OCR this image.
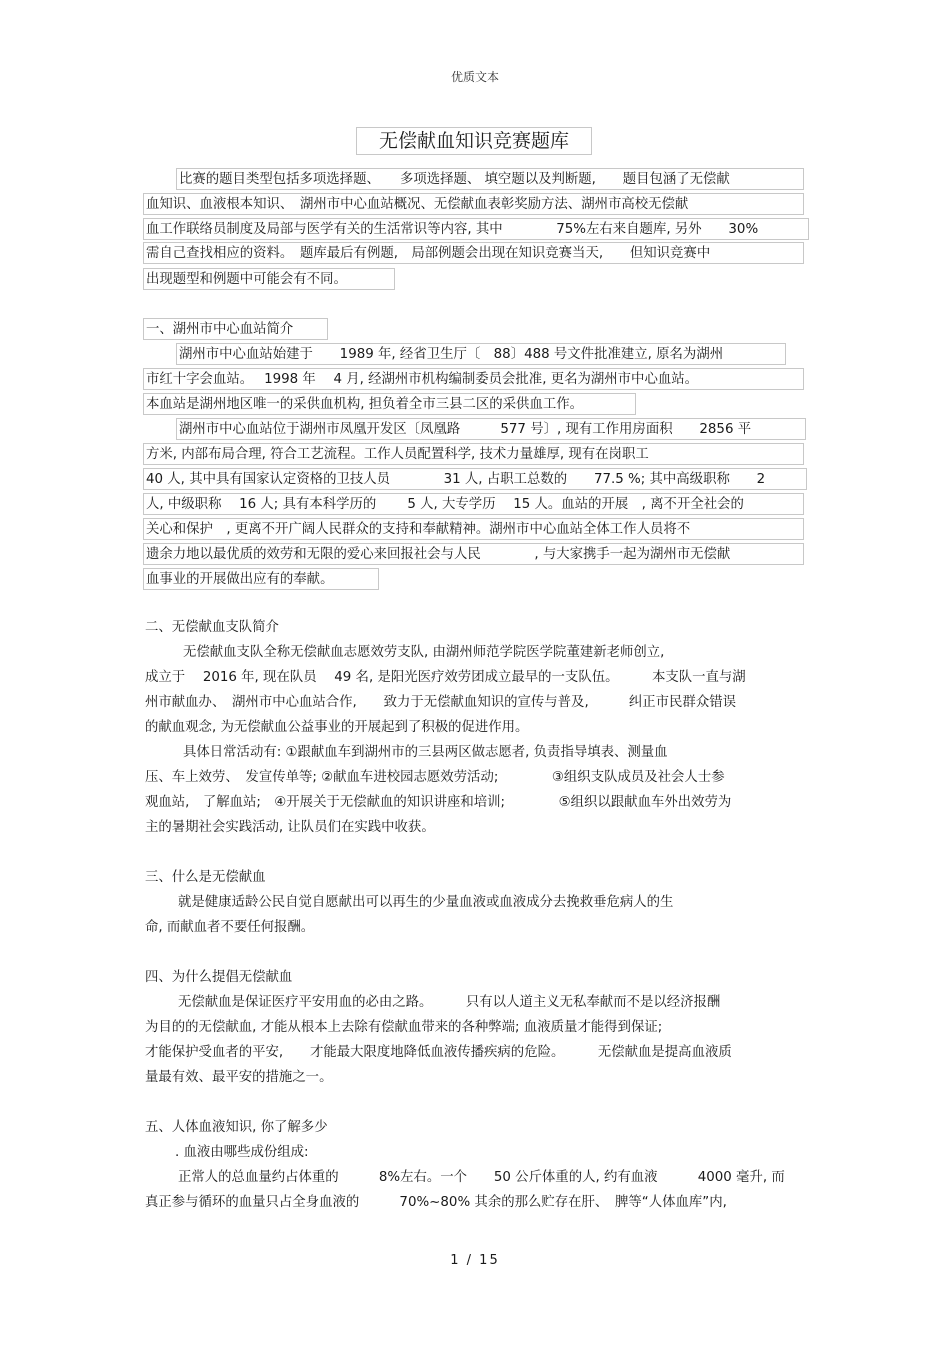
优质文本
无偿献血知识竞赛题库
比赛的题目类型包括多项选择题、　　多项选择题、 填空题以及判断题,　　题目包涵了无偿献
血知识、血液根本知识、　湖州市中心血站概况、无偿献血表彰奖励方法、湖州市高校无偿献
血工作联络员制度及局部与医学有关的生活常识等内容, 其中　　　　75%左右来自题库, 另外　　30%
需自己查找相应的资料。　题库最后有例题,　局部例题会出现在知识竞赛当天,　　但知识竞赛中
出现题型和例题中可能会有不同。
一、湖州市中心血站简介
湖州市中心血站始建于　　1989 年, 经省卫生厅〔　88〕488 号文件批准建立, 原名为湖州
市红十字会血站。　 1998 年　 4 月, 经湖州市机构编制委员会批准, 更名为湖州市中心血站。
本血站是湖州地区唯一的采供血机构, 担负着全市三县二区的采供血工作。
湖州市中心血站位于湖州市凤凰开发区〔凤凰路　　　577 号〕, 现有工作用房面积　　2856 平
方米, 内部布局合理, 符合工艺流程。工作人员配置科学, 技术力量雄厚, 现有在岗职工
40 人, 其中具有国家认定资格的卫技人员　　　　31 人, 占职工总数的　　77.5 %; 其中高级职称　　2
人, 中级职称　 16 人; 具有本科学历的　　 5 人, 大专学历　 15 人。血站的开展　, 离不开全社会的
关心和保护　, 更离不开广阔人民群众的支持和奉献精神。湖州市中心血站全体工作人员将不
遗余力地以最优质的效劳和无限的爱心来回报社会与人民　　　　, 与大家携手一起为湖州市无偿献
血事业的开展做出应有的奉献。
二、无偿献血支队简介
无偿献血支队全称无偿献血志愿效劳支队, 由湖州师范学院医学院董建新老师创立,
成立于　 2016 年, 现在队员　 49 名, 是阳光医疗效劳团成立最早的一支队伍。　　　本支队一直与湖
州市献血办、　湖州市中心血站合作,　　致力于无偿献血知识的宣传与普及,　　　纠正市民群众错误
的献血观念, 为无偿献血公益事业的开展起到了积极的促进作用。
具体日常活动有: ①跟献血车到湖州市的三县两区做志愿者, 负责指导填表、测量血
压、车上效劳、　发宣传单等; ②献血车进校园志愿效劳活动;　　　　③组织支队成员及社会人士参
观血站,　了解血站;　④开展关于无偿献血的知识讲座和培训;　　　　⑤组织以跟献血车外出效劳为
主的暑期社会实践活动, 让队员们在实践中收获。
三、什么是无偿献血
就是健康适龄公民自觉自愿献出可以再生的少量血液或血液成分去挽救垂危病人的生
命, 而献血者不要任何报酬。
四、为什么提倡无偿献血
无偿献血是保证医疗平安用血的必由之路。　　　只有以人道主义无私奉献而不是以经济报酬
为目的的无偿献血, 才能从根本上去除有偿献血带来的各种弊端; 血液质量才能得到保证;
才能保护受血者的平安,　　才能最大限度地降低血液传播疾病的危险。　　　无偿献血是提高血液质
量最有效、最平安的措施之一。
五、人体血液知识, 你了解多少
. 血液由哪些成份组成:
正常人的总血量约占体重的　　　8%左右。一个　　50 公斤体重的人, 约有血液　　　4000 毫升, 而
真正参与循环的血量只占全身血液的　　　70%~80% 其余的那么贮存在肝、　脾等“人体血库”内,
1 / 15
